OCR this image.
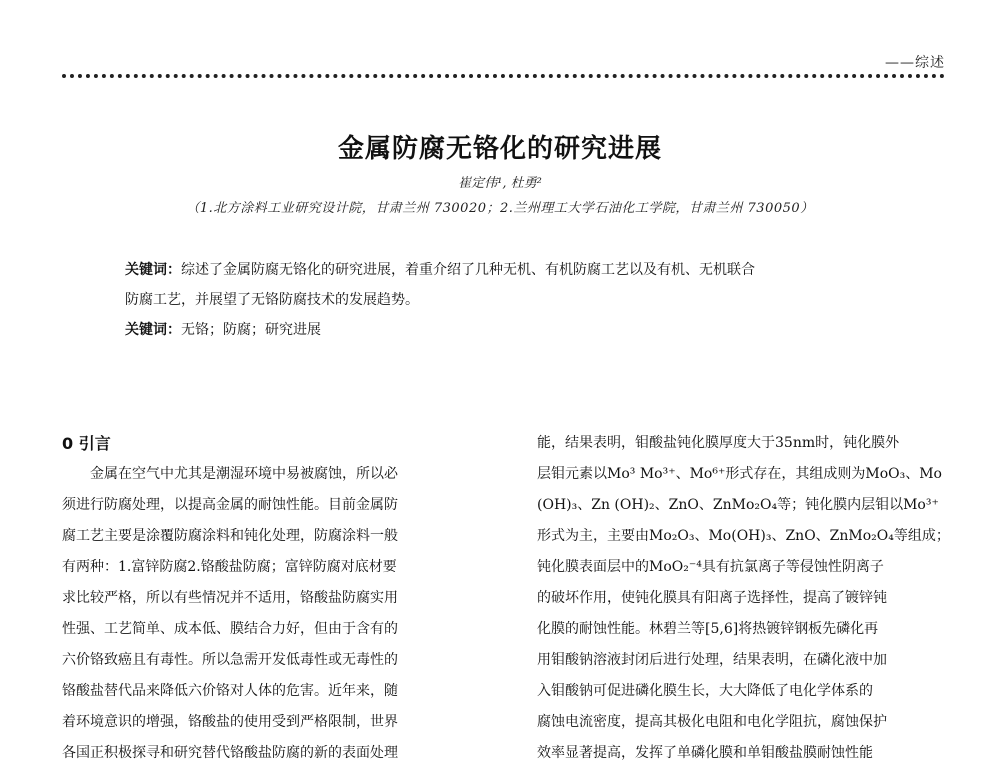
——综述
金属防腐无铬化的研究进展
崔定伟¹, 杜勇²
（1.北方涂料工业研究设计院，甘肃兰州 730020；2.兰州理工大学石油化工学院，甘肃兰州 730050）

关键词：综述了金属防腐无铬化的研究进展，着重介绍了几种无机、有机防腐工艺以及有机、无机联合

防腐工艺，并展望了无铬防腐技术的发展趋势。

关键词：无铬；防腐；研究进展

0 引言
金属在空气中尤其是潮湿环境中易被腐蚀，所以必
须进行防腐处理，以提高金属的耐蚀性能。目前金属防
腐工艺主要是涂覆防腐涂料和钝化处理，防腐涂料一般
有两种：1.富锌防腐2.铬酸盐防腐；富锌防腐对底材要
求比较严格，所以有些情况并不适用，铬酸盐防腐实用
性强、工艺简单、成本低、膜结合力好，但由于含有的
六价铬致癌且有毒性。所以急需开发低毒性或无毒性的
铬酸盐替代品来降低六价铬对人体的危害。近年来，随
着环境意识的增强，铬酸盐的使用受到严格限制，世界
各国正积极探寻和研究替代铬酸盐防腐的新的表面处理
能，结果表明，钼酸盐钝化膜厚度大于35nm时，钝化膜外
层钼元素以Mo³ Mo³⁺、Mo⁶⁺形式存在，其组成则为MoO₃、Mo
(OH)₃、Zn (OH)₂、ZnO、ZnMo₂O₄等；钝化膜内层钼以Mo³⁺
形式为主，主要由Mo₂O₃、Mo(OH)₃、ZnO、ZnMo₂O₄等组成；
钝化膜表面层中的MoO₂⁻⁴具有抗氯离子等侵蚀性阴离子
的破坏作用，使钝化膜具有阳离子选择性，提高了镀锌钝
化膜的耐蚀性能。林碧兰等[5,6]将热镀锌钢板先磷化再
用钼酸钠溶液封闭后进行处理，结果表明，在磷化液中加
入钼酸钠可促进磷化膜生长，大大降低了电化学体系的
腐蚀电流密度，提高其极化电阻和电化学阻抗，腐蚀保护
效率显著提高，发挥了单磷化膜和单钼酸盐膜耐蚀性能
